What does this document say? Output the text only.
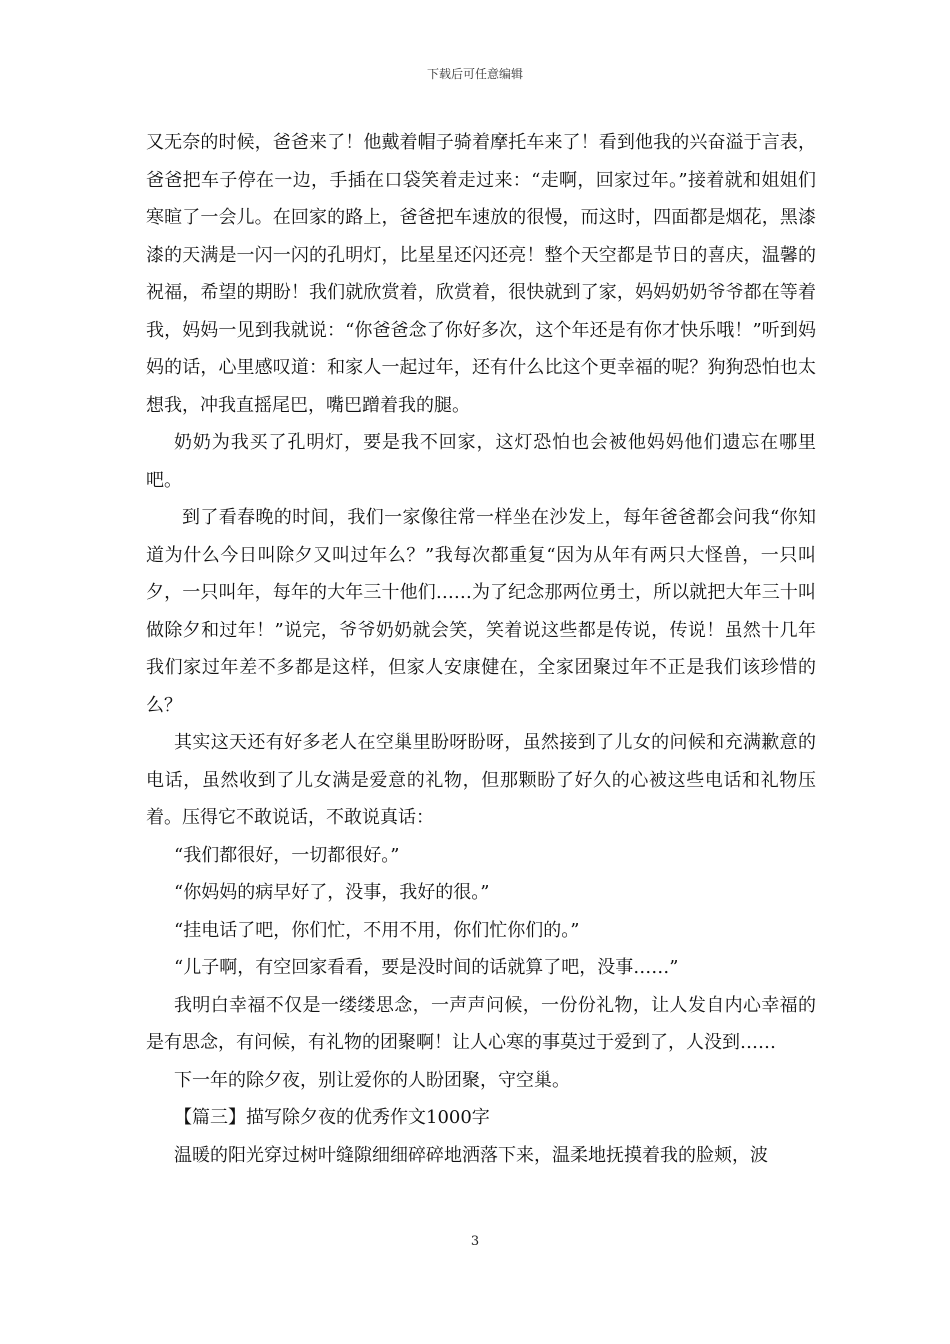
下载后可任意编辑

又无奈的时候，爸爸来了！他戴着帽子骑着摩托车来了！看到他我的兴奋溢于言表，爸爸把车子停在一边，手插在口袋笑着走过来：“走啊，回家过年。”接着就和姐姐们寒暄了一会儿。在回家的路上，爸爸把车速放的很慢，而这时，四面都是烟花，黑漆漆的天满是一闪一闪的孔明灯，比星星还闪还亮！整个天空都是节日的喜庆，温馨的祝福，希望的期盼！我们就欣赏着，欣赏着，很快就到了家，妈妈奶奶爷爷都在等着我，妈妈一见到我就说：“你爸爸念了你好多次，这个年还是有你才快乐哦！”听到妈妈的话，心里感叹道：和家人一起过年，还有什么比这个更幸福的呢？狗狗恐怕也太想我，冲我直摇尾巴，嘴巴蹭着我的腿。

奶奶为我买了孔明灯，要是我不回家，这灯恐怕也会被他妈妈他们遗忘在哪里吧。

到了看春晚的时间，我们一家像往常一样坐在沙发上，每年爸爸都会问我“你知道为什么今日叫除夕又叫过年么？”我每次都重复“因为从年有两只大怪兽，一只叫夕，一只叫年，每年的大年三十他们……为了纪念那两位勇士，所以就把大年三十叫做除夕和过年！”说完，爷爷奶奶就会笑，笑着说这些都是传说，传说！虽然十几年我们家过年差不多都是这样，但家人安康健在，全家团聚过年不正是我们该珍惜的么？

其实这天还有好多老人在空巢里盼呀盼呀，虽然接到了儿女的问候和充满歉意的电话，虽然收到了儿女满是爱意的礼物，但那颗盼了好久的心被这些电话和礼物压着。压得它不敢说话，不敢说真话：

“我们都很好，一切都很好。”

“你妈妈的病早好了，没事，我好的很。”

“挂电话了吧，你们忙，不用不用，你们忙你们的。”

“儿子啊，有空回家看看，要是没时间的话就算了吧，没事……”

我明白幸福不仅是一缕缕思念，一声声问候，一份份礼物，让人发自内心幸福的是有思念，有问候，有礼物的团聚啊！让人心寒的事莫过于爱到了，人没到……

下一年的除夕夜，别让爱你的人盼团聚，守空巢。

【篇三】描写除夕夜的优秀作文1000字

温暖的阳光穿过树叶缝隙细细碎碎地洒落下来，温柔地抚摸着我的脸颊，波

3
